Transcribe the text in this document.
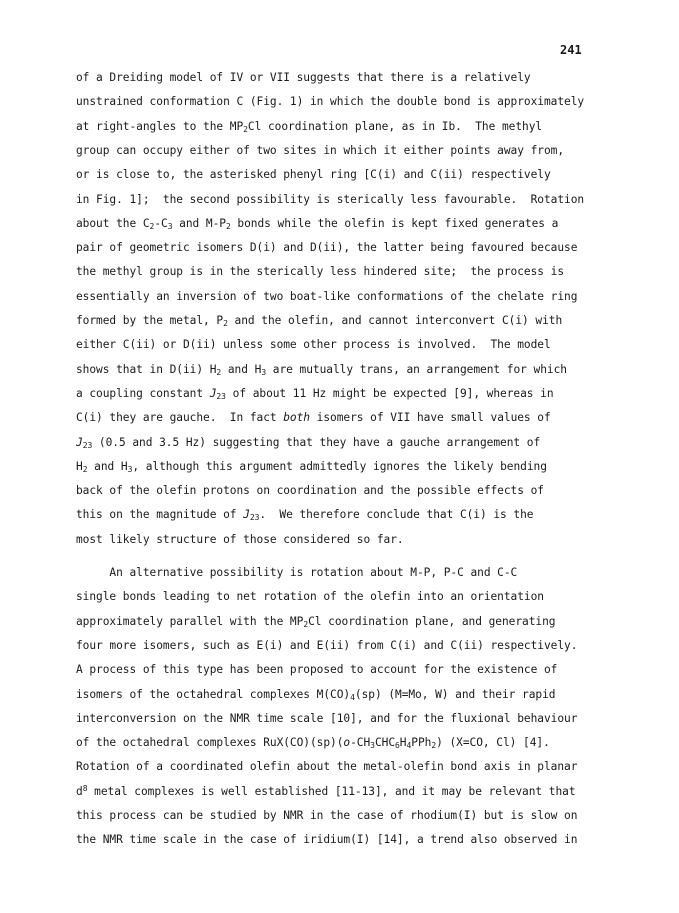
241
of a Dreiding model of IV or VII suggests that there is a relatively
unstrained conformation C (Fig. 1) in which the double bond is approximately
at right-angles to the $MP_2Cl$ coordination plane, as in Ib.  The methyl
group can occupy either of two sites in which it either points away from,
or is close to, the asterisked phenyl ring [C(i) and C(ii) respectively
in Fig. 1];  the second possibility is sterically less favourable.  Rotation
about the $C_2-C_3$ and $M-P_2$ bonds while the olefin is kept fixed generates a
pair of geometric isomers D(i) and D(ii), the latter being favoured because
the methyl group is in the sterically less hindered site;  the process is
essentially an inversion of two boat-like conformations of the chelate ring
formed by the metal, $P_2$ and the olefin, and cannot interconvert C(i) with
either C(ii) or D(ii) unless some other process is involved.  The model
shows that in D(ii) $H_2$ and $H_3$ are mutually trans, an arrangement for which
a coupling constant $J_{23}$ of about 11 Hz might be expected [9], whereas in
C(i) they are gauche.  In fact both isomers of VII have small values of
$J_{23}$ (0.5 and 3.5 Hz) suggesting that they have a gauche arrangement of
$H_2$ and $H_3$, although this argument admittedly ignores the likely bending
back of the olefin protons on coordination and the possible effects of
this on the magnitude of $J_{23}$.  We therefore conclude that C(i) is the
most likely structure of those considered so far.
An alternative possibility is rotation about M-P, P-C and C-C
single bonds leading to net rotation of the olefin into an orientation
approximately parallel with the $MP_2Cl$ coordination plane, and generating
four more isomers, such as E(i) and E(ii) from C(i) and C(ii) respectively.
A process of this type has been proposed to account for the existence of
isomers of the octahedral complexes $M(CO)_4(sp)$ (M=Mo, W) and their rapid
interconversion on the NMR time scale [10], and for the fluxional behaviour
of the octahedral complexes $RuX(CO)(sp)(o-CH_3CHC_6H_4PPh_2)$ (X=CO, Cl) [4].
Rotation of a coordinated olefin about the metal-olefin bond axis in planar
$d^8$ metal complexes is well established [11-13], and it may be relevant that
this process can be studied by NMR in the case of rhodium(I) but is slow on
the NMR time scale in the case of iridium(I) [14], a trend also observed in
